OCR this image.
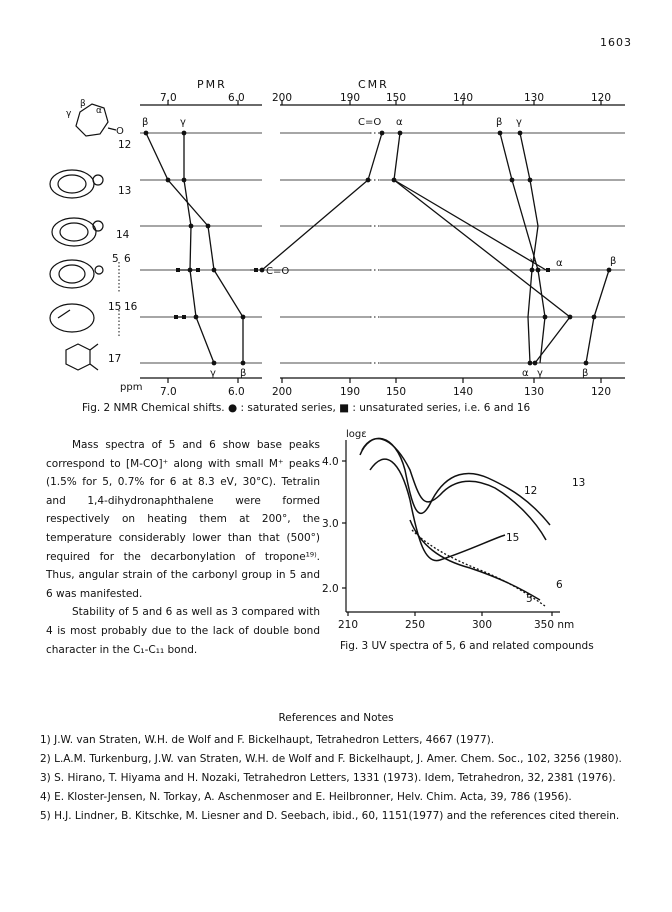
1603
PMR	CMR
7.0	6.0	200	190 150	140	130	120
ppm 7.0	6.0	200	190 150	140	130	120
12
13
14
5 6
15 16
17
γ
β
α
O
β	γ	C=O α	β γ
C=O
γ α	β
γ β	α γ	β
Fig. 2 NMR Chemical shifts. ● : saturated series, ■ : unsaturated series, i.e. 6 and 16

Mass spectra of 5 and 6 show base peaks correspond to [M-CO]⁺ along with small M⁺ peaks (1.5% for 5, 0.7% for 6 at 8.3 eV, 30°C). Tetralin and 1,4-dihydronaphthalene were formed respectively on heating them at 200°, the temperature considerably lower than that (500°) required for the decarbonylation of tropone¹⁹⁾. Thus, angular strain of the carbonyl group in 5 and 6 was manifested.

Stability of 5 and 6 as well as 3 compared with 4 is most probably due to the lack of double bond character in the C₁-C₁₁ bond.

logε
4.0
3.0
2.0
210	250	300	350 nm
13
12
15
6
5
Fig. 3 UV spectra of 5, 6 and related compounds
References and Notes

1) J.W. van Straten, W.H. de Wolf and F. Bickelhaupt, Tetrahedron Letters, 4667 (1977).

2) L.A.M. Turkenburg, J.W. van Straten, W.H. de Wolf and F. Bickelhaupt, J. Amer. Chem. Soc., 102, 3256 (1980).

3) S. Hirano, T. Hiyama and H. Nozaki, Tetrahedron Letters, 1331 (1973). Idem, Tetrahedron, 32, 2381 (1976).

4) E. Kloster-Jensen, N. Torkay, A. Aschenmoser and E. Heilbronner, Helv. Chim. Acta, 39, 786 (1956).

5) H.J. Lindner, B. Kitschke, M. Liesner and D. Seebach, ibid., 60, 1151(1977) and the references cited therein.
